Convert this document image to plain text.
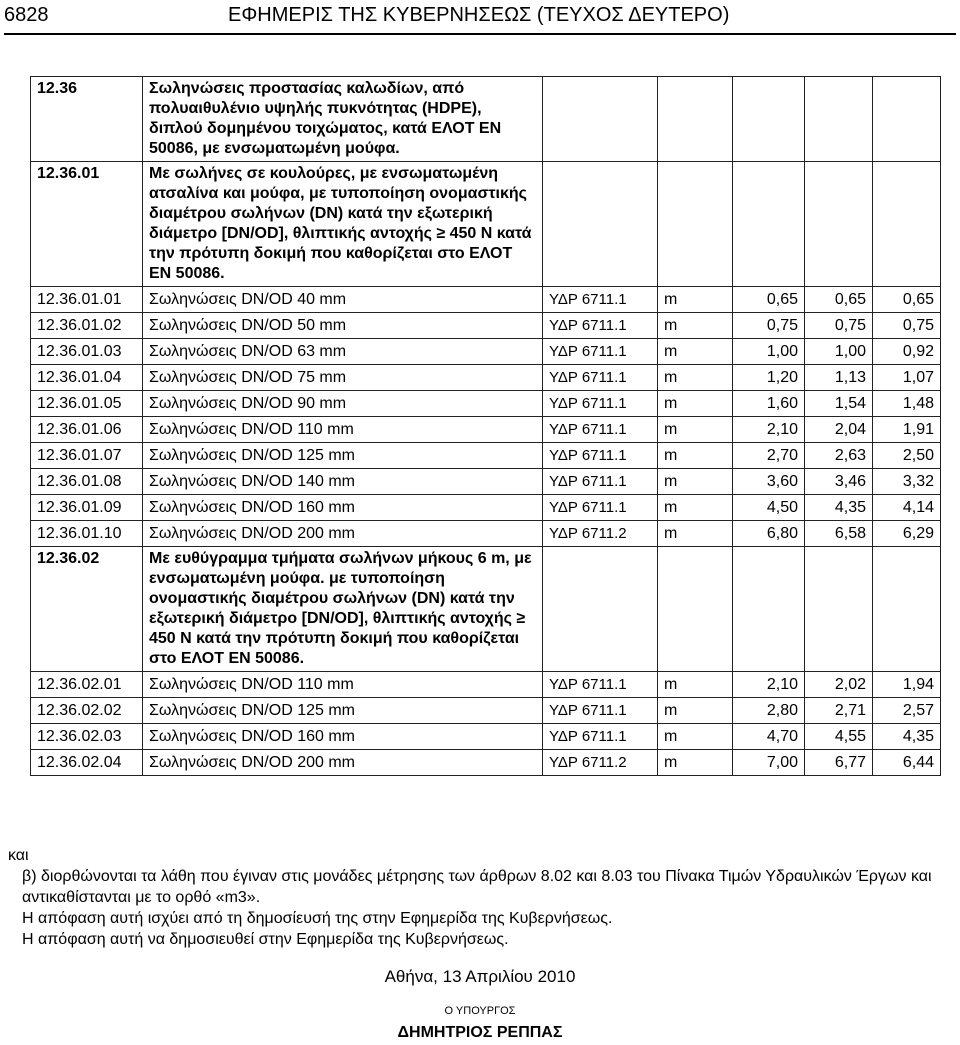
6828	ΕΦΗΜΕΡΙΣ ΤΗΣ ΚΥΒΕΡΝΗΣΕΩΣ (ΤΕΥΧΟΣ ΔΕΥΤΕΡΟ)
12.36	Σωληνώσεις προστασίας καλωδίων, από πολυαιθυλένιο υψηλής πυκνότητας (HDPE), διπλού δομημένου τοιχώματος, κατά ΕΛΟΤ EN 50086, με ενσωματωμένη μούφα.					
12.36.01	Με σωλήνες σε κουλούρες, με ενσωματωμένη ατσαλίνα και μούφα, με τυποποίηση ονομαστικής διαμέτρου σωλήνων (DN) κατά την εξωτερική διάμετρο [DN/OD], θλιπτικής αντοχής ≥ 450 N κατά την πρότυπη δοκιμή που καθορίζεται στο ΕΛΟΤ ΕΝ 50086.					
12.36.01.01	Σωληνώσεις DN/OD 40 mm	ΥΔΡ 6711.1	m	0,65	0,65	0,65
12.36.01.02	Σωληνώσεις DN/OD 50 mm	ΥΔΡ 6711.1	m	0,75	0,75	0,75
12.36.01.03	Σωληνώσεις DN/OD 63 mm	ΥΔΡ 6711.1	m	1,00	1,00	0,92
12.36.01.04	Σωληνώσεις DN/OD 75 mm	ΥΔΡ 6711.1	m	1,20	1,13	1,07
12.36.01.05	Σωληνώσεις DN/OD 90 mm	ΥΔΡ 6711.1	m	1,60	1,54	1,48
12.36.01.06	Σωληνώσεις DN/OD 110 mm	ΥΔΡ 6711.1	m	2,10	2,04	1,91
12.36.01.07	Σωληνώσεις DN/OD 125 mm	ΥΔΡ 6711.1	m	2,70	2,63	2,50
12.36.01.08	Σωληνώσεις DN/OD 140 mm	ΥΔΡ 6711.1	m	3,60	3,46	3,32
12.36.01.09	Σωληνώσεις DN/OD 160 mm	ΥΔΡ 6711.1	m	4,50	4,35	4,14
12.36.01.10	Σωληνώσεις DN/OD 200 mm	ΥΔΡ 6711.2	m	6,80	6,58	6,29
12.36.02	Με ευθύγραμμα τμήματα σωλήνων μήκους 6 m, με ενσωματωμένη μούφα. με τυποποίηση ονομαστικής διαμέτρου σωλήνων (DN) κατά την εξωτερική διάμετρο [DN/OD], θλιπτικής αντοχής ≥ 450 N κατά την πρότυπη δοκιμή που καθορίζεται στο ΕΛΟΤ ΕΝ 50086.					
12.36.02.01	Σωληνώσεις DN/OD 110 mm	ΥΔΡ 6711.1	m	2,10	2,02	1,94
12.36.02.02	Σωληνώσεις DN/OD 125 mm	ΥΔΡ 6711.1	m	2,80	2,71	2,57
12.36.02.03	Σωληνώσεις DN/OD 160 mm	ΥΔΡ 6711.1	m	4,70	4,55	4,35
12.36.02.04	Σωληνώσεις DN/OD 200 mm	ΥΔΡ 6711.2	m	7,00	6,77	6,44

και

β) διορθώνονται τα λάθη που έγιναν στις μονάδες μέτρησης των άρθρων 8.02 και 8.03 του Πίνακα Τιμών Υδραυλικών Έργων και αντικαθίστανται με το ορθό «m3».

Η απόφαση αυτή ισχύει από τη δημοσίευσή της στην Εφημερίδα της Κυβερνήσεως.

Η απόφαση αυτή να δημοσιευθεί στην Εφημερίδα της Κυβερνήσεως.

Αθήνα, 13 Απριλίου 2010
Ο ΥΠΟΥΡΓΟΣ
ΔΗΜΗΤΡΙΟΣ ΡΕΠΠΑΣ
